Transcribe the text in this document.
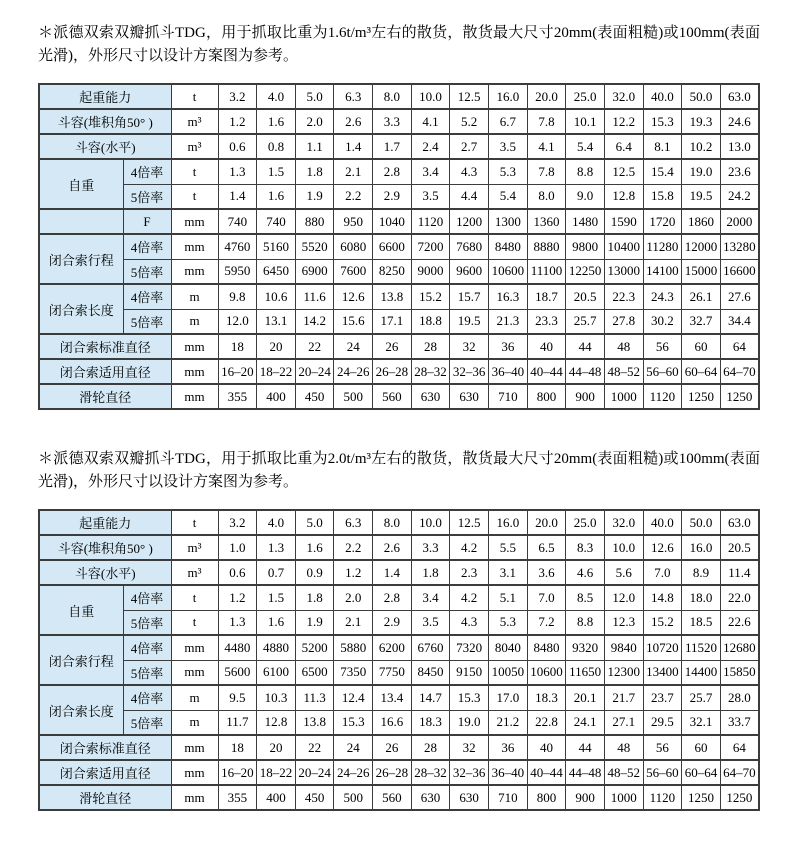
＊派德双索双瓣抓斗TDG，用于抓取比重为1.6t/m³左右的散货，散货最大尺寸20mm(表面粗糙)或100mm(表面光滑)，外形尺寸以设计方案图为参考。

起重能力		t	3.2	4.0	5.0	6.3	8.0	10.0	12.5	16.0	20.0	25.0	32.0	40.0	50.0	63.0
斗容(堆积角50° )		m³	1.2	1.6	2.0	2.6	3.3	4.1	5.2	6.7	7.8	10.1	12.2	15.3	19.3	24.6
斗容(水平)		m³	0.6	0.8	1.1	1.4	1.7	2.4	2.7	3.5	4.1	5.4	6.4	8.1	10.2	13.0
自重	4倍率	t	1.3	1.5	1.8	2.1	2.8	3.4	4.3	5.3	7.8	8.8	12.5	15.4	19.0	23.6
	5倍率	t	1.4	1.6	1.9	2.2	2.9	3.5	4.4	5.4	8.0	9.0	12.8	15.8	19.5	24.2
	F	mm	740	740	880	950	1040	1120	1200	1300	1360	1480	1590	1720	1860	2000
闭合索行程	4倍率	mm	4760	5160	5520	6080	6600	7200	7680	8480	8880	9800	10400	11280	12000	13280
	5倍率	mm	5950	6450	6900	7600	8250	9000	9600	10600	11100	12250	13000	14100	15000	16600
闭合索长度	4倍率	m	9.8	10.6	11.6	12.6	13.8	15.2	15.7	16.3	18.7	20.5	22.3	24.3	26.1	27.6
	5倍率	m	12.0	13.1	14.2	15.6	17.1	18.8	19.5	21.3	23.3	25.7	27.8	30.2	32.7	34.4
闭合索标准直径		mm	18	20	22	24	26	28	32	36	40	44	48	56	60	64
闭合索适用直径		mm	16–20	18–22	20–24	24–26	26–28	28–32	32–36	36–40	40–44	44–48	48–52	56–60	60–64	64–70
滑轮直径		mm	355	400	450	500	560	630	630	710	800	900	1000	1120	1250	1250

＊派德双索双瓣抓斗TDG，用于抓取比重为2.0t/m³左右的散货，散货最大尺寸20mm(表面粗糙)或100mm(表面光滑)，外形尺寸以设计方案图为参考。

起重能力		t	3.2	4.0	5.0	6.3	8.0	10.0	12.5	16.0	20.0	25.0	32.0	40.0	50.0	63.0
斗容(堆积角50° )		m³	1.0	1.3	1.6	2.2	2.6	3.3	4.2	5.5	6.5	8.3	10.0	12.6	16.0	20.5
斗容(水平)		m³	0.6	0.7	0.9	1.2	1.4	1.8	2.3	3.1	3.6	4.6	5.6	7.0	8.9	11.4
自重	4倍率	t	1.2	1.5	1.8	2.0	2.8	3.4	4.2	5.1	7.0	8.5	12.0	14.8	18.0	22.0
	5倍率	t	1.3	1.6	1.9	2.1	2.9	3.5	4.3	5.3	7.2	8.8	12.3	15.2	18.5	22.6
闭合索行程	4倍率	mm	4480	4880	5200	5880	6200	6760	7320	8040	8480	9320	9840	10720	11520	12680
	5倍率	mm	5600	6100	6500	7350	7750	8450	9150	10050	10600	11650	12300	13400	14400	15850
闭合索长度	4倍率	m	9.5	10.3	11.3	12.4	13.4	14.7	15.3	17.0	18.3	20.1	21.7	23.7	25.7	28.0
	5倍率	m	11.7	12.8	13.8	15.3	16.6	18.3	19.0	21.2	22.8	24.1	27.1	29.5	32.1	33.7
闭合索标准直径		mm	18	20	22	24	26	28	32	36	40	44	48	56	60	64
闭合索适用直径		mm	16–20	18–22	20–24	24–26	26–28	28–32	32–36	36–40	40–44	44–48	48–52	56–60	60–64	64–70
滑轮直径		mm	355	400	450	500	560	630	630	710	800	900	1000	1120	1250	1250
